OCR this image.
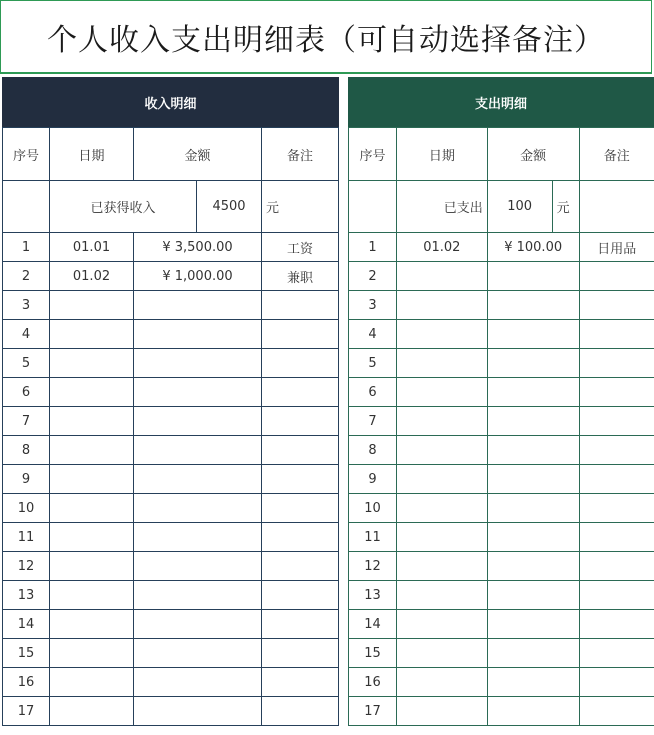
个人收入支出明细表（可自动选择备注）
收入明细
序号	日期	金额		备注
	已获得收入		4500	元
1	01.01	¥ 3,500.00		工资
2	01.02	¥ 1,000.00		兼职
3				
4				
5				
6				
7				
8				
9				
10				
11				
12				
13				
14				
15				
16				
17				
支出明细
序号	日期	金额		备注
	已支出	100	元	
1	01.02	¥ 100.00		日用品
2				
3				
4				
5				
6				
7				
8				
9				
10				
11				
12				
13				
14				
15				
16				
17				
